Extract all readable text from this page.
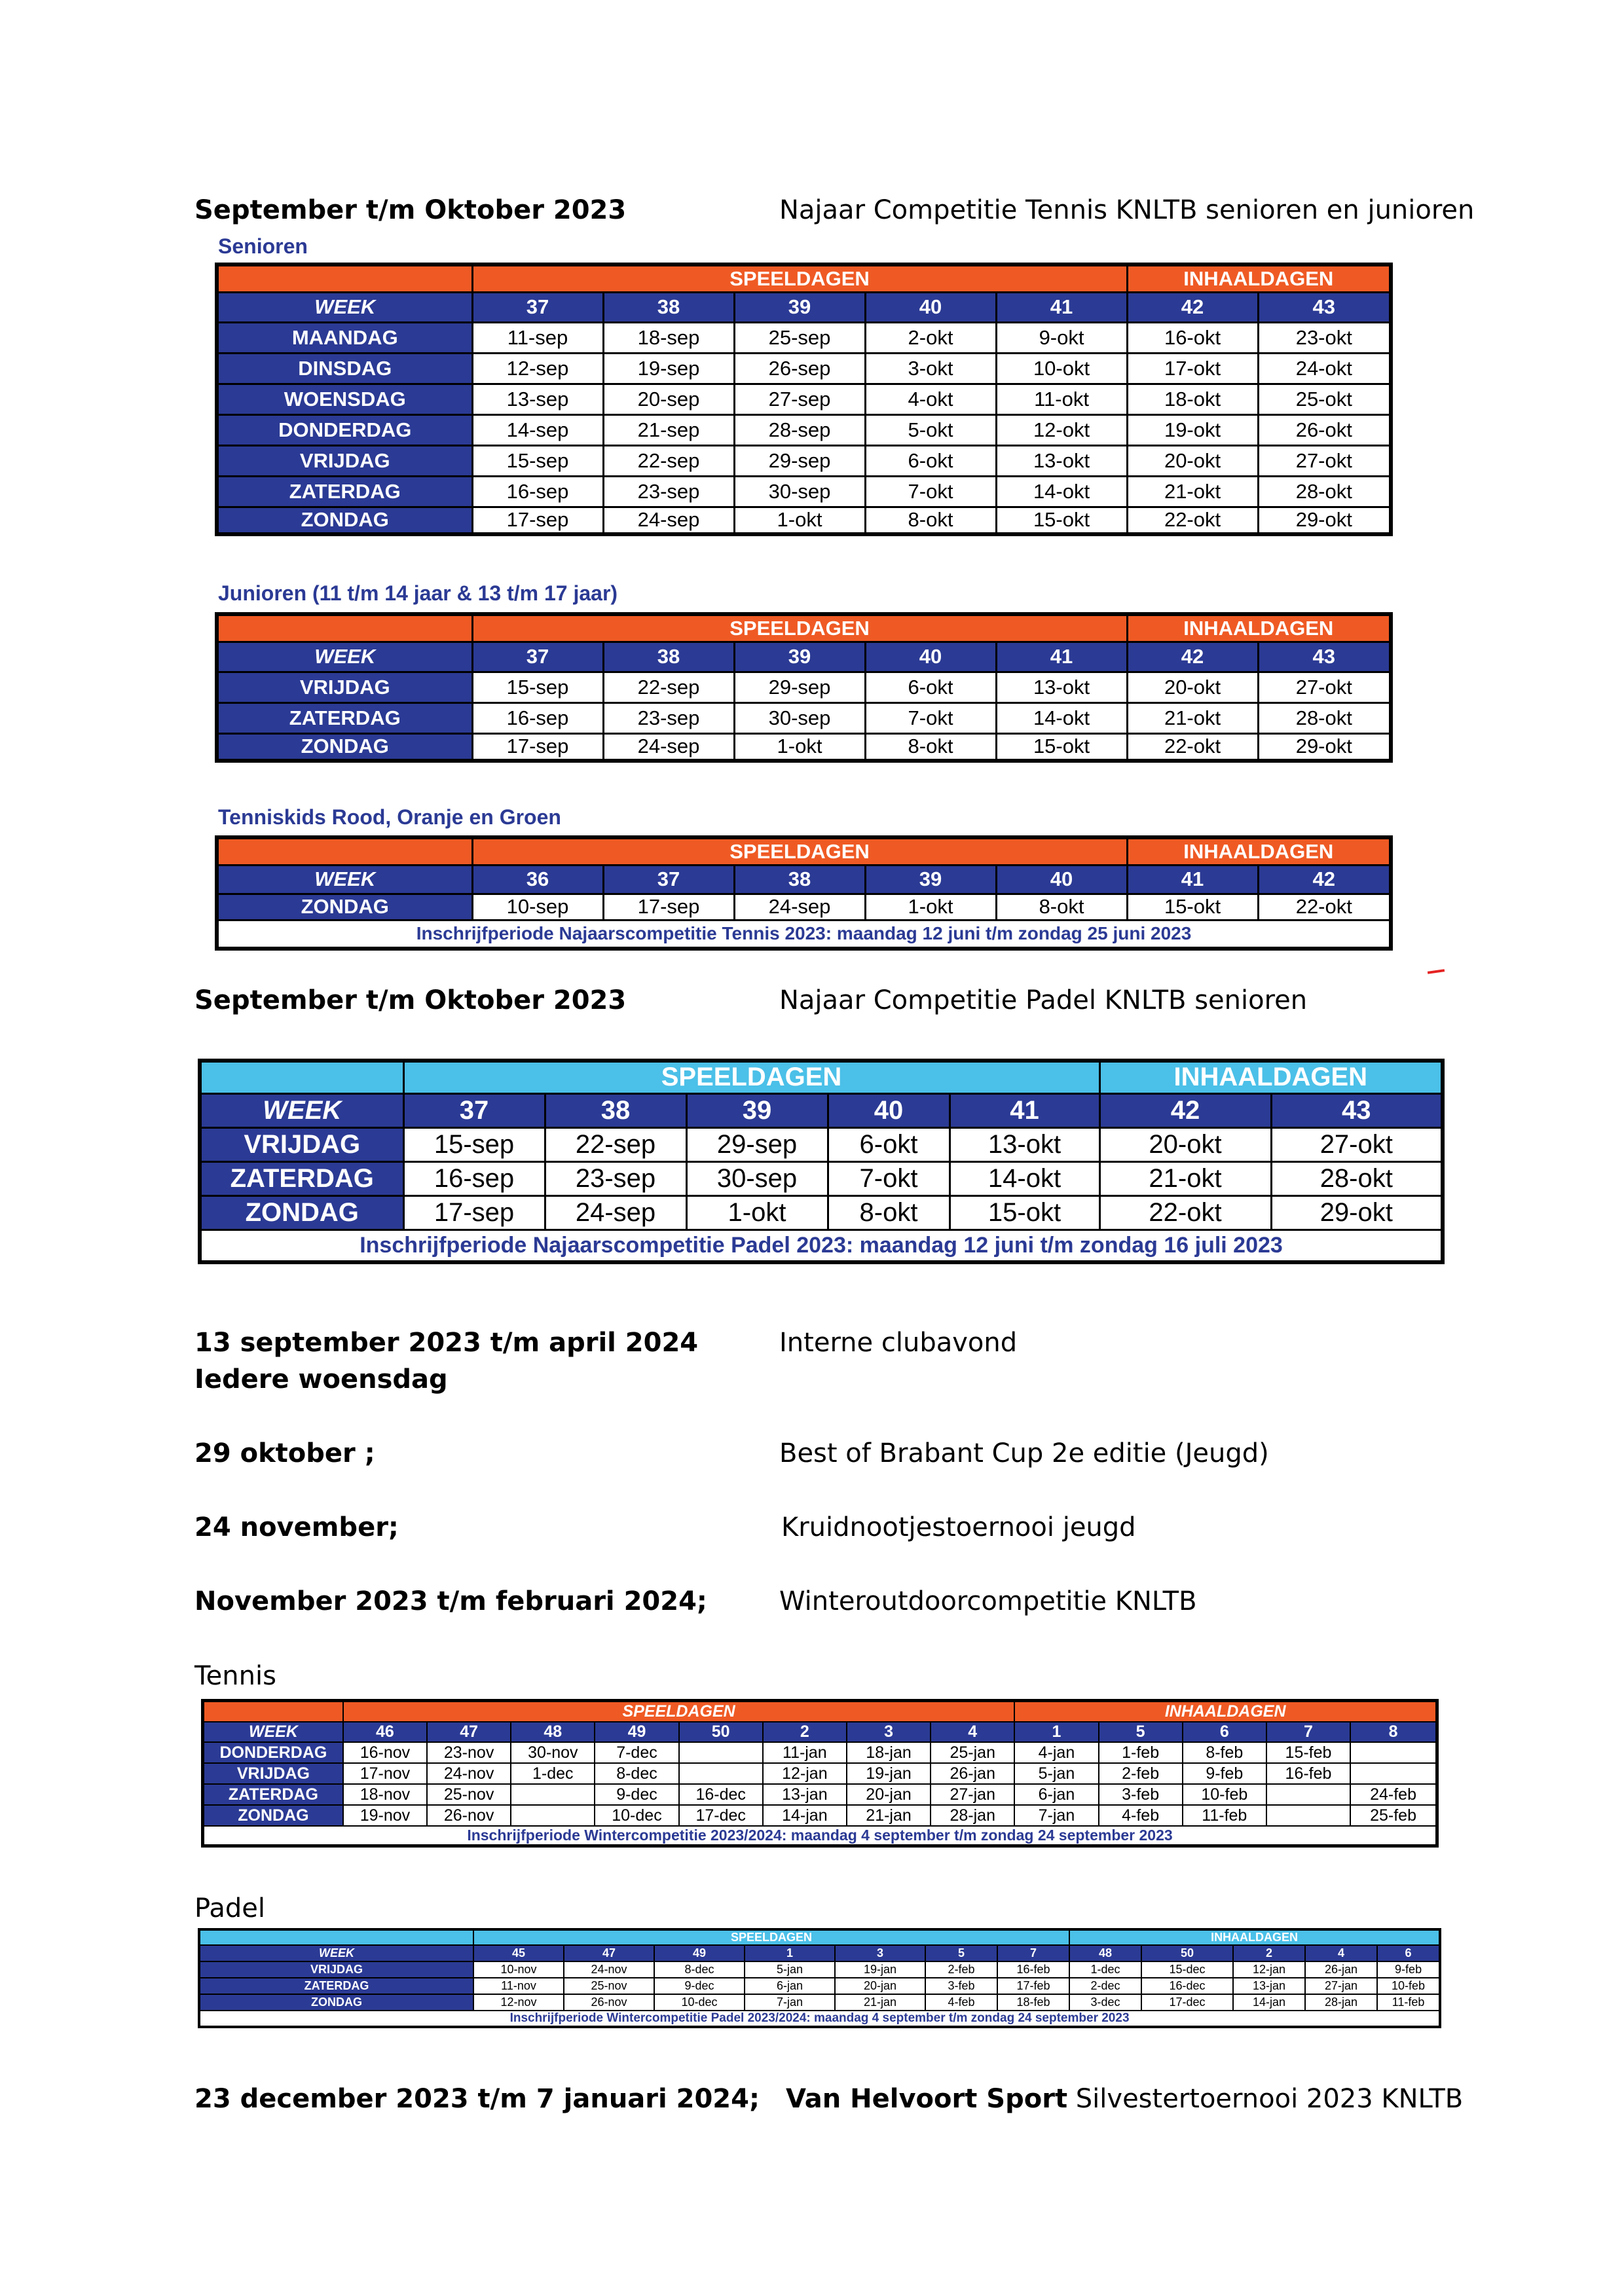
September t/m Oktober 2023	Najaar Competitie Tennis KNLTB senioren en junioren
Senioren
	SPEELDAGEN					INHAALDAGEN	
WEEK	37	38	39	40	41	42	43
MAANDAG	11-sep	18-sep	25-sep	2-okt	9-okt	16-okt	23-okt
DINSDAG	12-sep	19-sep	26-sep	3-okt	10-okt	17-okt	24-okt
WOENSDAG	13-sep	20-sep	27-sep	4-okt	11-okt	18-okt	25-okt
DONDERDAG	14-sep	21-sep	28-sep	5-okt	12-okt	19-okt	26-okt
VRIJDAG	15-sep	22-sep	29-sep	6-okt	13-okt	20-okt	27-okt
ZATERDAG	16-sep	23-sep	30-sep	7-okt	14-okt	21-okt	28-okt
ZONDAG	17-sep	24-sep	1-okt	8-okt	15-okt	22-okt	29-okt
Junioren (11 t/m 14 jaar & 13 t/m 17 jaar)
	SPEELDAGEN					INHAALDAGEN	
WEEK	37	38	39	40	41	42	43
VRIJDAG	15-sep	22-sep	29-sep	6-okt	13-okt	20-okt	27-okt
ZATERDAG	16-sep	23-sep	30-sep	7-okt	14-okt	21-okt	28-okt
ZONDAG	17-sep	24-sep	1-okt	8-okt	15-okt	22-okt	29-okt
Tenniskids Rood, Oranje en Groen
	SPEELDAGEN					INHAALDAGEN	
WEEK	36	37	38	39	40	41	42
ZONDAG	10-sep	17-sep	24-sep	1-okt	8-okt	15-okt	22-okt
Inschrijfperiode Najaarscompetitie Tennis 2023: maandag 12 juni t/m zondag 25 juni 2023							
September t/m Oktober 2023	Najaar Competitie Padel KNLTB senioren
	SPEELDAGEN					INHAALDAGEN	
WEEK	37	38	39	40	41	42	43
VRIJDAG	15-sep	22-sep	29-sep	6-okt	13-okt	20-okt	27-okt
ZATERDAG	16-sep	23-sep	30-sep	7-okt	14-okt	21-okt	28-okt
ZONDAG	17-sep	24-sep	1-okt	8-okt	15-okt	22-okt	29-okt
Inschrijfperiode Najaarscompetitie Padel 2023: maandag 12 juni t/m zondag 16 juli 2023							
13 september 2023 t/m april 2024	Interne clubavond
Iedere woensdag
29 oktober ;	Best of Brabant Cup 2e editie (Jeugd)
24 november;	Kruidnootjestoernooi jeugd
November 2023 t/m februari 2024;	Winteroutdoorcompetitie KNLTB
Tennis
	SPEELDAGEN								INHAALDAGEN				
WEEK	46	47	48	49	50	2	3	4	1	5	6	7	8
DONDERDAG	16-nov	23-nov	30-nov	7-dec		11-jan	18-jan	25-jan	4-jan	1-feb	8-feb	15-feb	
VRIJDAG	17-nov	24-nov	1-dec	8-dec		12-jan	19-jan	26-jan	5-jan	2-feb	9-feb	16-feb	
ZATERDAG	18-nov	25-nov		9-dec	16-dec	13-jan	20-jan	27-jan	6-jan	3-feb	10-feb		24-feb
ZONDAG	19-nov	26-nov		10-dec	17-dec	14-jan	21-jan	28-jan	7-jan	4-feb	11-feb		25-feb
Inschrijfperiode Wintercompetitie 2023/2024: maandag 4 september t/m zondag 24 september 2023													
Padel
	SPEELDAGEN							INHAALDAGEN				
WEEK	45	47	49	1	3	5	7	48	50	2	4	6
VRIJDAG	10-nov	24-nov	8-dec	5-jan	19-jan	2-feb	16-feb	1-dec	15-dec	12-jan	26-jan	9-feb
ZATERDAG	11-nov	25-nov	9-dec	6-jan	20-jan	3-feb	17-feb	2-dec	16-dec	13-jan	27-jan	10-feb
ZONDAG	12-nov	26-nov	10-dec	7-jan	21-jan	4-feb	18-feb	3-dec	17-dec	14-jan	28-jan	11-feb
Inschrijfperiode Wintercompetitie Padel 2023/2024: maandag 4 september t/m zondag 24 september 2023												
23 december 2023 t/m 7 januari 2024; Van Helvoort Sport Silvestertoernooi 2023 KNLTB
